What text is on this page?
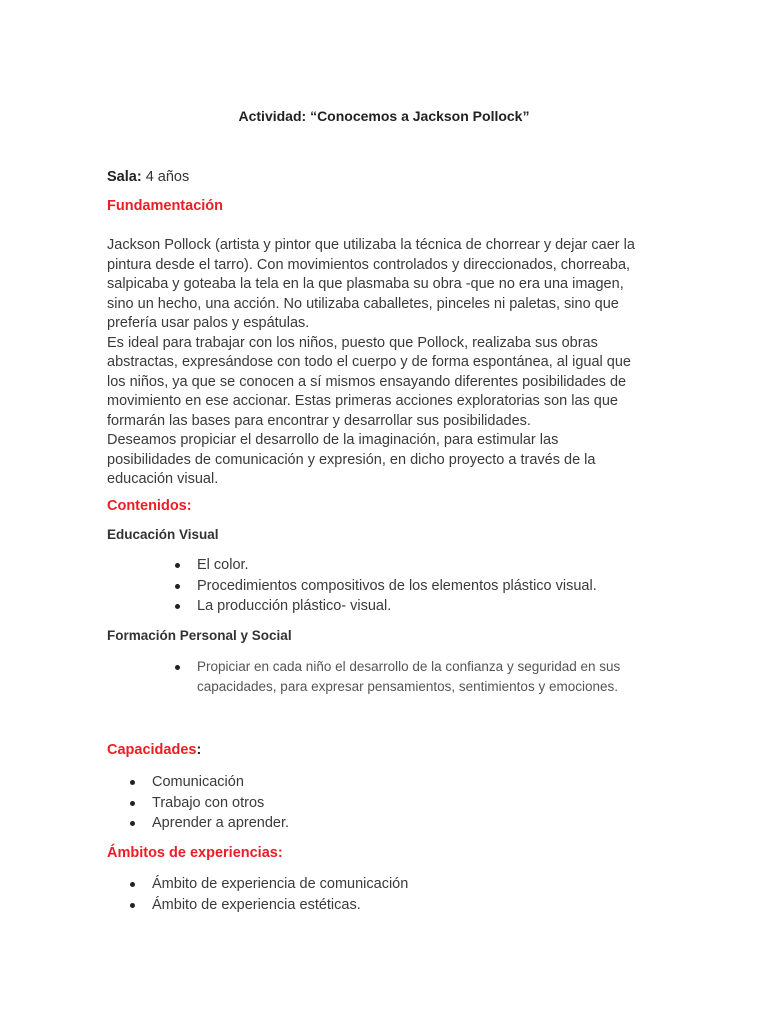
Actividad: “Conocemos a Jackson Pollock”
Sala: 4 años
Fundamentación
Jackson Pollock (artista y pintor que utilizaba la técnica de chorrear y dejar caer la
pintura desde el tarro). Con movimientos controlados y direccionados, chorreaba,
salpicaba y goteaba la tela en la que plasmaba su obra -que no era una imagen,
sino un hecho, una acción. No utilizaba caballetes, pinceles ni paletas, sino que
prefería usar palos y espátulas.
Es ideal para trabajar con los niños, puesto que Pollock, realizaba sus obras
abstractas, expresándose con todo el cuerpo y de forma espontánea, al igual que
los niños, ya que se conocen a sí mismos ensayando diferentes posibilidades de
movimiento en ese accionar. Estas primeras acciones exploratorias son las que
formarán las bases para encontrar y desarrollar sus posibilidades.
Deseamos propiciar el desarrollo de la imaginación, para estimular las
posibilidades de comunicación y expresión, en dicho proyecto a través de la
educación visual.
Contenidos:
Educación Visual
El color.
Procedimientos compositivos de los elementos plástico visual.
La producción plástico- visual.
Formación Personal y Social
Propiciar en cada niño el desarrollo de la confianza y seguridad en sus
capacidades, para expresar pensamientos, sentimientos y emociones.
Capacidades:
Comunicación
Trabajo con otros
Aprender a aprender.
Ámbitos de experiencias:
Ámbito de experiencia de comunicación
Ámbito de experiencia estéticas.
